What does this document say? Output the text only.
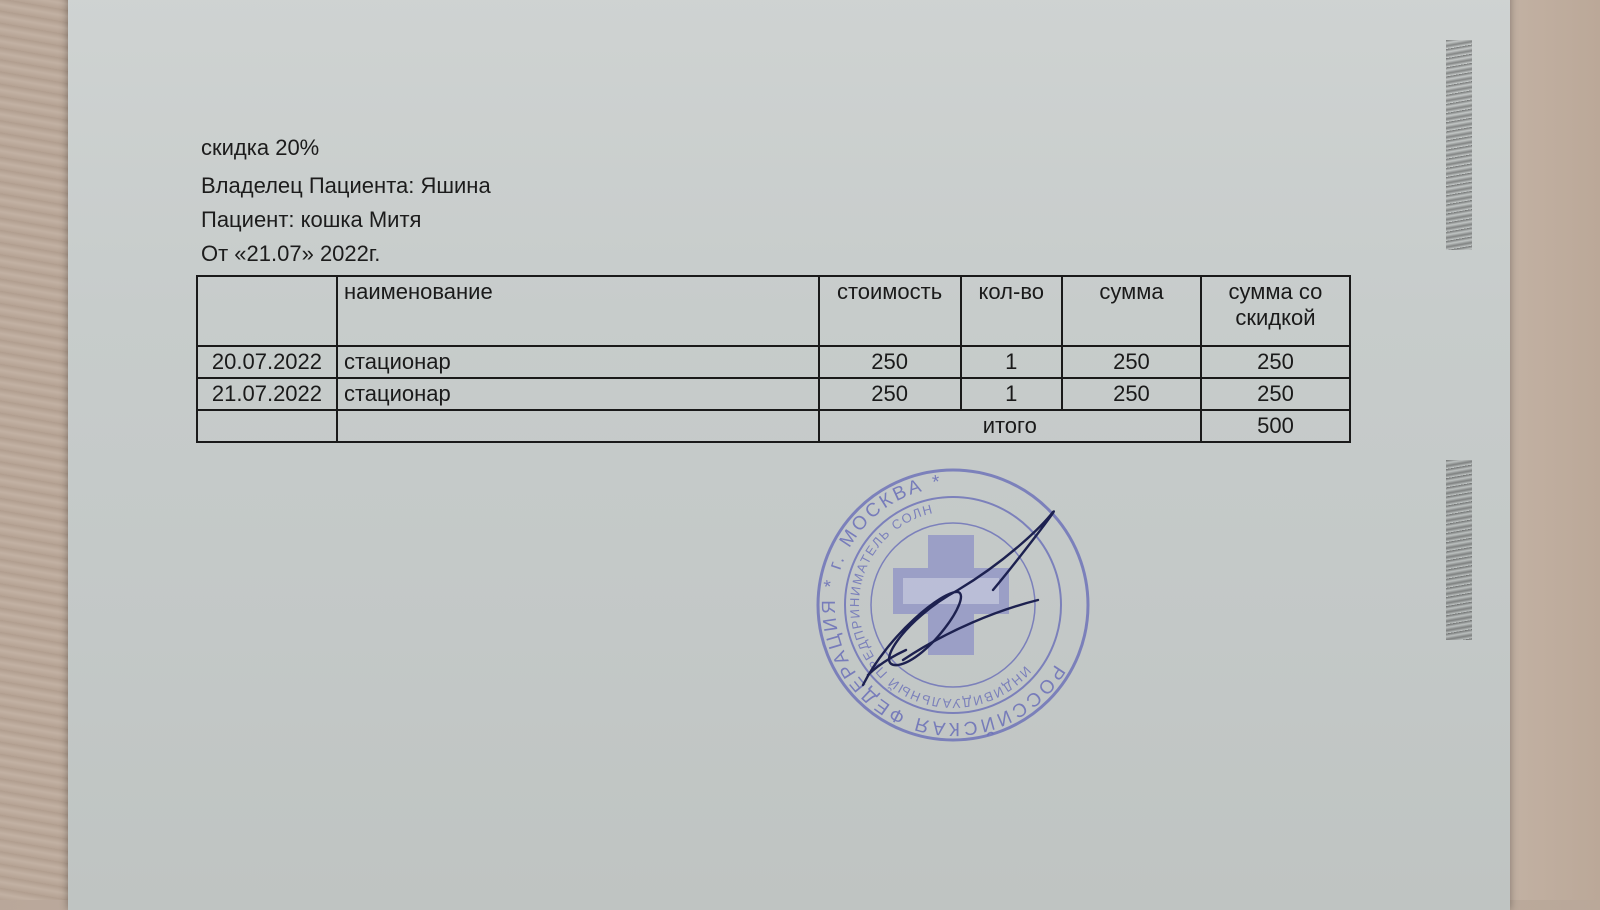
скидка 20%
Владелец Пациента: Яшина
Пациент: кошка Митя
От «21.07» 2022г.
	наименование	стоимость	кол-во	сумма	сумма со скидкой
20.07.2022	стационар	250	1	250	250
21.07.2022	стационар	250	1	250	250
		итого			500
РОССИЙСКАЯ ФЕДЕРАЦИЯ * г. МОСКВА *
ИНДИВИДУАЛЬНЫЙ ПРЕДПРИНИМАТЕЛЬ СОЛН
